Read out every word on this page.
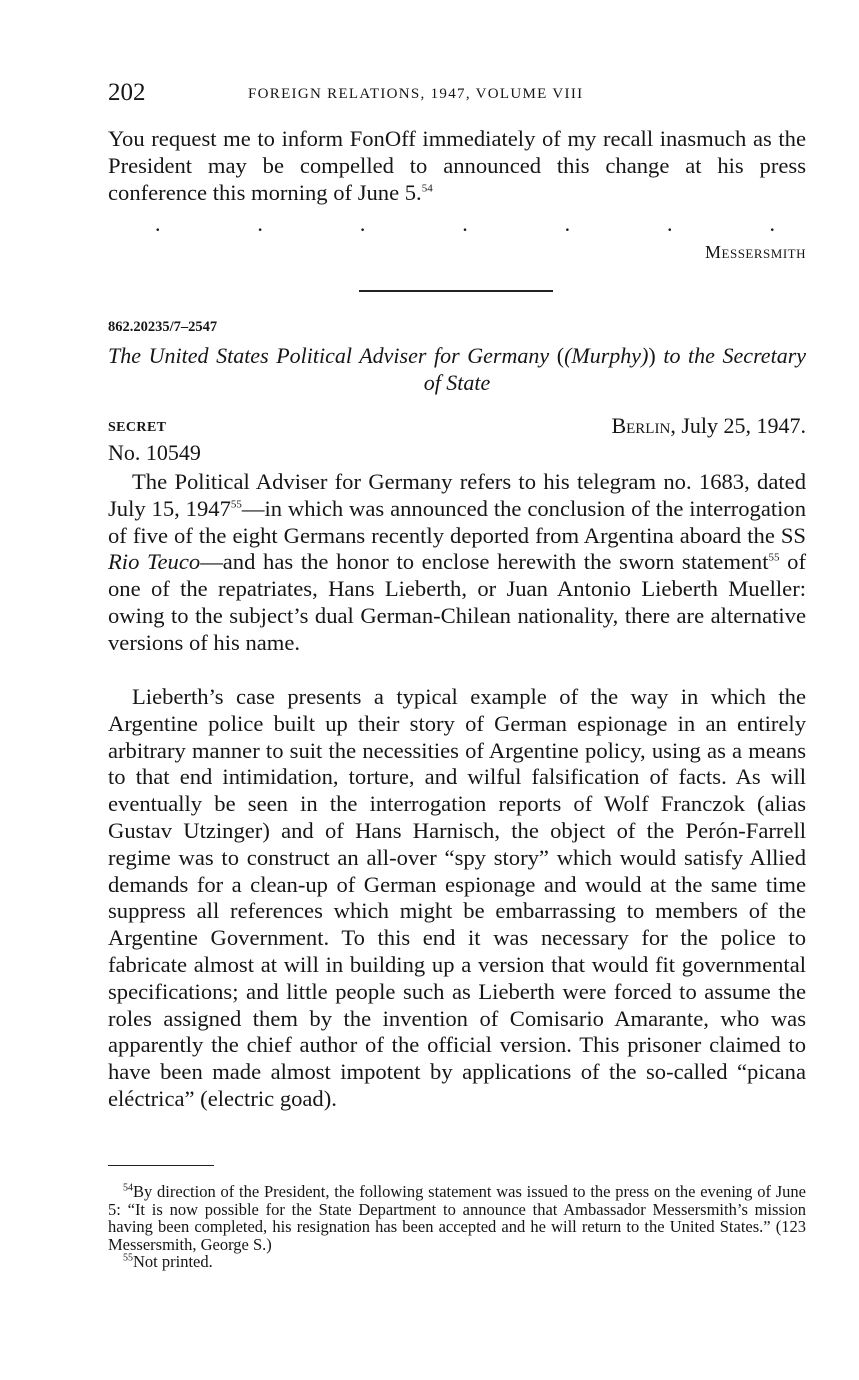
202	FOREIGN RELATIONS, 1947, VOLUME VIII

You request me to inform FonOff immediately of my recall inasmuch as the President may be compelled to announced this change at his press conference this morning of June 5.54

.	.	.	.	.	.	.
Messersmith
862.20235/7–2547
The United States Political Adviser for Germany ((Murphy)) to the Secretary of State
SECRET	Berlin, July 25, 1947.
No. 10549

The Political Adviser for Germany refers to his telegram no. 1683, dated July 15, 1947$^{55}$—in which was announced the conclusion of the interrogation of five of the eight Germans recently deported from Argentina aboard the SS Rio Teuco—and has the honor to enclose herewith the sworn statement$^{55}$ of one of the repatriates, Hans Lieberth, or Juan Antonio Lieberth Mueller: owing to the subject’s dual German-Chilean nationality, there are alternative versions of his name.

Lieberth’s case presents a typical example of the way in which the Argentine police built up their story of German espionage in an entirely arbitrary manner to suit the necessities of Argentine policy, using as a means to that end intimidation, torture, and wilful falsification of facts. As will eventually be seen in the interrogation reports of Wolf Franczok (alias Gustav Utzinger) and of Hans Harnisch, the object of the Perón-Farrell regime was to construct an all-over “spy story” which would satisfy Allied demands for a clean-up of German espionage and would at the same time suppress all references which might be embarrassing to members of the Argentine Government. To this end it was necessary for the police to fabricate almost at will in building up a version that would fit governmental specifications; and little people such as Lieberth were forced to assume the roles assigned them by the invention of Comisario Amarante, who was apparently the chief author of the official version. This prisoner claimed to have been made almost impotent by applications of the so-called “picana eléctrica” (electric goad).

$^{54}$By direction of the President, the following statement was issued to the press on the evening of June 5: “It is now possible for the State Department to announce that Ambassador Messersmith’s mission having been completed, his resignation has been accepted and he will return to the United States.” (123 Messersmith, George S.)

$^{55}$Not printed.
